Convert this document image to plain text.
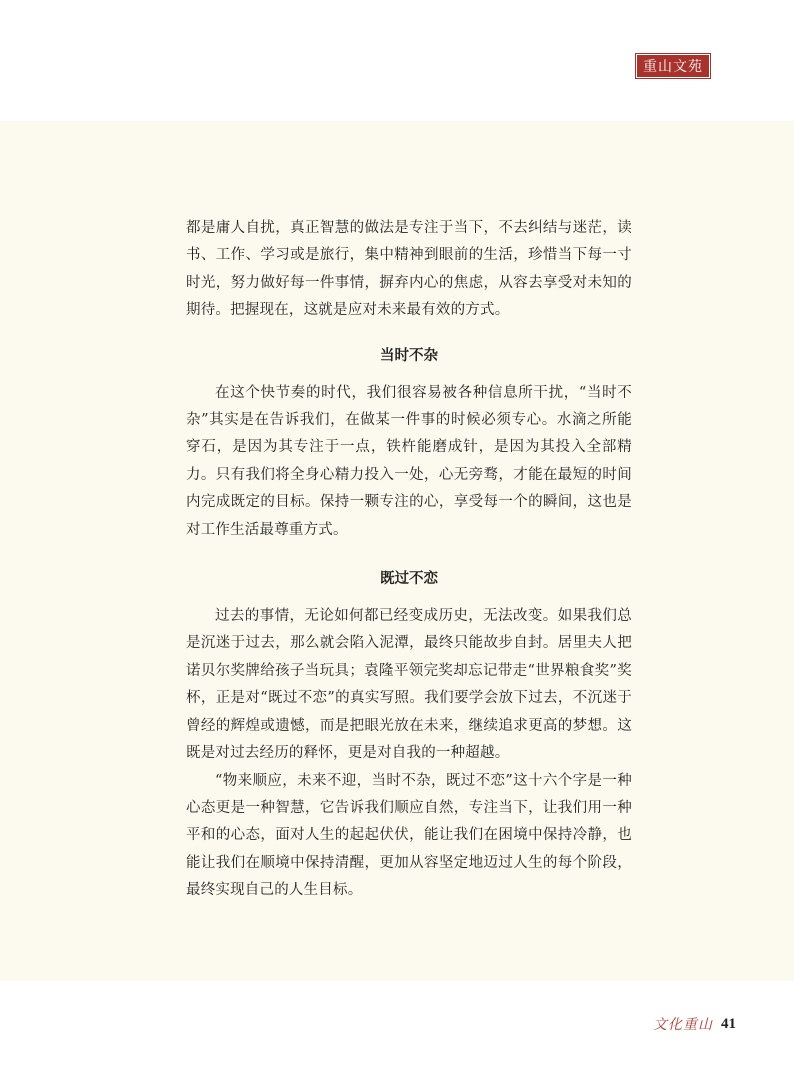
重山文苑

都是庸人自扰，真正智慧的做法是专注于当下，不去纠结与迷茫，读书、工作、学习或是旅行，集中精神到眼前的生活，珍惜当下每一寸时光，努力做好每一件事情，摒弃内心的焦虑，从容去享受对未知的期待。把握现在，这就是应对未来最有效的方式。

当时不杂

在这个快节奏的时代，我们很容易被各种信息所干扰，“当时不杂”其实是在告诉我们，在做某一件事的时候必须专心。水滴之所能穿石，是因为其专注于一点，铁杵能磨成针，是因为其投入全部精力。只有我们将全身心精力投入一处，心无旁骛，才能在最短的时间内完成既定的目标。保持一颗专注的心，享受每一个的瞬间，这也是对工作生活最尊重方式。

既过不恋

过去的事情，无论如何都已经变成历史，无法改变。如果我们总是沉迷于过去，那么就会陷入泥潭，最终只能故步自封。居里夫人把诺贝尔奖牌给孩子当玩具；袁隆平领完奖却忘记带走“世界粮食奖”奖杯，正是对“既过不恋”的真实写照。我们要学会放下过去，不沉迷于曾经的辉煌或遗憾，而是把眼光放在未来，继续追求更高的梦想。这既是对过去经历的释怀，更是对自我的一种超越。

“物来顺应，未来不迎，当时不杂，既过不恋”这十六个字是一种心态更是一种智慧，它告诉我们顺应自然，专注当下，让我们用一种平和的心态，面对人生的起起伏伏，能让我们在困境中保持冷静，也能让我们在顺境中保持清醒，更加从容坚定地迈过人生的每个阶段，最终实现自己的人生目标。

文化重山 41
